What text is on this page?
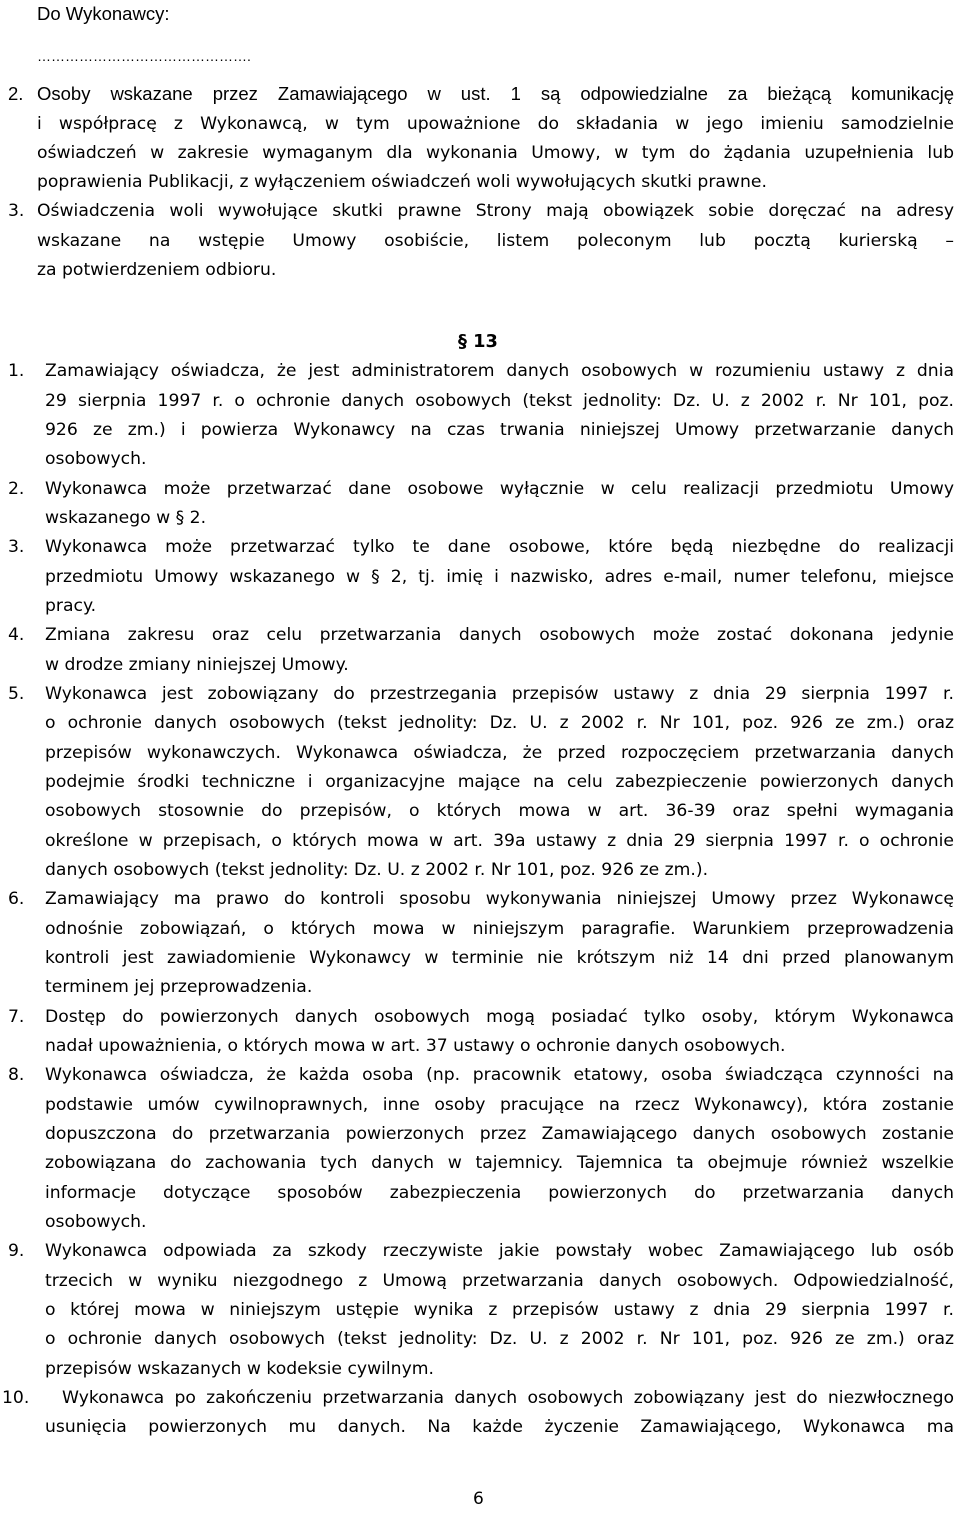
Do Wykonawcy:
……………………………………….
2. Osoby wskazane przez Zamawiającego w ust. 1 są odpowiedzialne za bieżącą komunikację
i współpracę z Wykonawcą, w tym upoważnione do składania w jego imieniu samodzielnie
oświadczeń w zakresie wymaganym dla wykonania Umowy, w tym do żądania uzupełnienia lub
poprawienia Publikacji, z wyłączeniem oświadczeń woli wywołujących skutki prawne.
3. Oświadczenia woli wywołujące skutki prawne Strony mają obowiązek sobie doręczać na adresy
wskazane na wstępie Umowy osobiście, listem poleconym lub pocztą kurierską –
za potwierdzeniem odbioru.
§ 13
1. Zamawiający oświadcza, że jest administratorem danych osobowych w rozumieniu ustawy z dnia
29 sierpnia 1997 r. o ochronie danych osobowych (tekst jednolity: Dz. U. z 2002 r. Nr 101, poz.
926 ze zm.) i powierza Wykonawcy na czas trwania niniejszej Umowy przetwarzanie danych
osobowych.
2. Wykonawca może przetwarzać dane osobowe wyłącznie w celu realizacji przedmiotu Umowy
wskazanego w § 2.
3. Wykonawca może przetwarzać tylko te dane osobowe, które będą niezbędne do realizacji
przedmiotu Umowy wskazanego w § 2, tj. imię i nazwisko, adres e-mail, numer telefonu, miejsce
pracy.
4. Zmiana zakresu oraz celu przetwarzania danych osobowych może zostać dokonana jedynie
w drodze zmiany niniejszej Umowy.
5. Wykonawca jest zobowiązany do przestrzegania przepisów ustawy z dnia 29 sierpnia 1997 r.
o ochronie danych osobowych (tekst jednolity: Dz. U. z 2002 r. Nr 101, poz. 926 ze zm.) oraz
przepisów wykonawczych. Wykonawca oświadcza, że przed rozpoczęciem przetwarzania danych
podejmie środki techniczne i organizacyjne mające na celu zabezpieczenie powierzonych danych
osobowych stosownie do przepisów, o których mowa w art. 36-39 oraz spełni wymagania
określone w przepisach, o których mowa w art. 39a ustawy z dnia 29 sierpnia 1997 r. o ochronie
danych osobowych (tekst jednolity: Dz. U. z 2002 r. Nr 101, poz. 926 ze zm.).
6. Zamawiający ma prawo do kontroli sposobu wykonywania niniejszej Umowy przez Wykonawcę
odnośnie zobowiązań, o których mowa w niniejszym paragrafie. Warunkiem przeprowadzenia
kontroli jest zawiadomienie Wykonawcy w terminie nie krótszym niż 14 dni przed planowanym
terminem jej przeprowadzenia.
7. Dostęp do powierzonych danych osobowych mogą posiadać tylko osoby, którym Wykonawca
nadał upoważnienia, o których mowa w art. 37 ustawy o ochronie danych osobowych.
8. Wykonawca oświadcza, że każda osoba (np. pracownik etatowy, osoba świadcząca czynności na
podstawie umów cywilnoprawnych, inne osoby pracujące na rzecz Wykonawcy), która zostanie
dopuszczona do przetwarzania powierzonych przez Zamawiającego danych osobowych zostanie
zobowiązana do zachowania tych danych w tajemnicy. Tajemnica ta obejmuje również wszelkie
informacje dotyczące sposobów zabezpieczenia powierzonych do przetwarzania danych
osobowych.
9. Wykonawca odpowiada za szkody rzeczywiste jakie powstały wobec Zamawiającego lub osób
trzecich w wyniku niezgodnego z Umową przetwarzania danych osobowych. Odpowiedzialność,
o której mowa w niniejszym ustępie wynika z przepisów ustawy z dnia 29 sierpnia 1997 r.
o ochronie danych osobowych (tekst jednolity: Dz. U. z 2002 r. Nr 101, poz. 926 ze zm.) oraz
przepisów wskazanych w kodeksie cywilnym.
10. Wykonawca po zakończeniu przetwarzania danych osobowych zobowiązany jest do niezwłocznego
usunięcia powierzonych mu danych. Na każde życzenie Zamawiającego, Wykonawca ma
6
